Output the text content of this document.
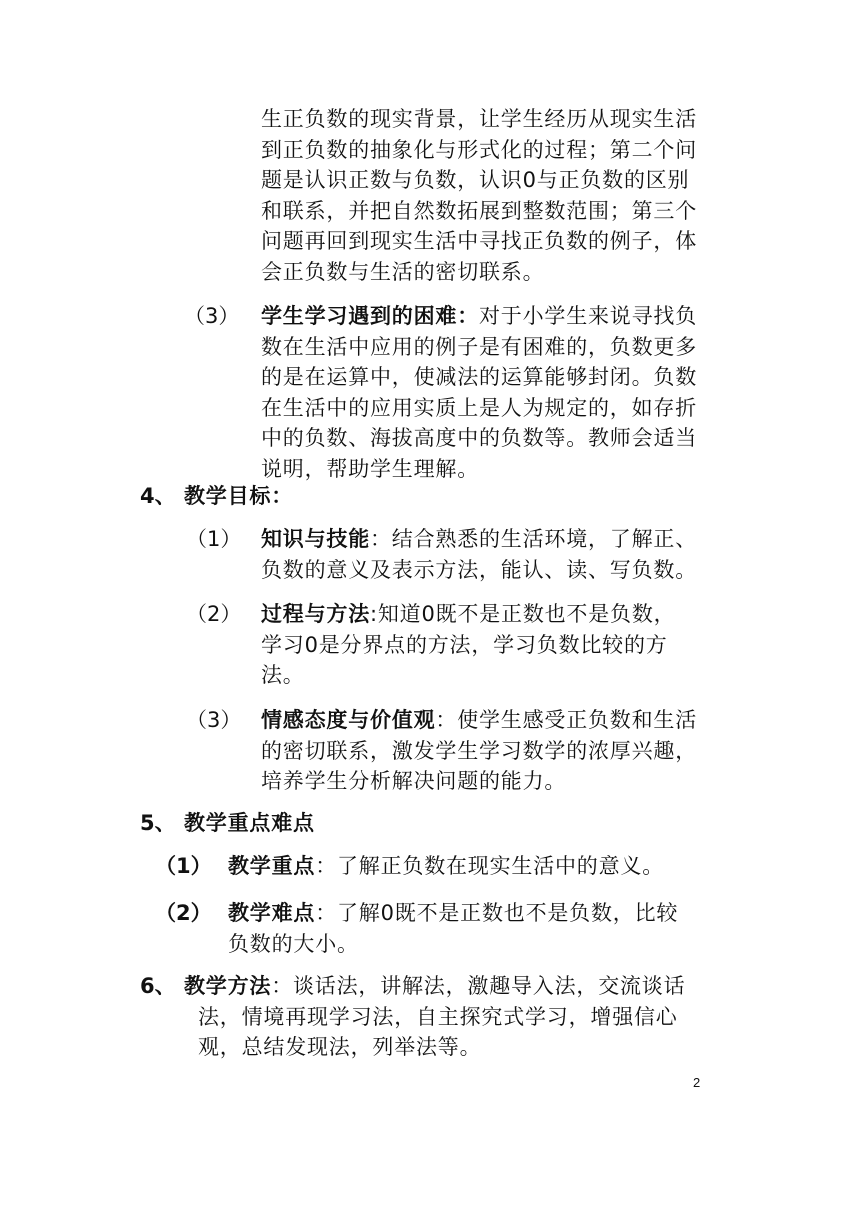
生正负数的现实背景，让学生经历从现实生活
到正负数的抽象化与形式化的过程；第二个问
题是认识正数与负数，认识0与正负数的区别
和联系，并把自然数拓展到整数范围；第三个
问题再回到现实生活中寻找正负数的例子，体
会正负数与生活的密切联系。
（3） 学生学习遇到的困难：对于小学生来说寻找负
数在生活中应用的例子是有困难的，负数更多
的是在运算中，使减法的运算能够封闭。负数
在生活中的应用实质上是人为规定的，如存折
中的负数、海拔高度中的负数等。教师会适当
说明，帮助学生理解。
4、 教学目标：
（1） 知识与技能：结合熟悉的生活环境，了解正、
负数的意义及表示方法，能认、读、写负数。
（2） 过程与方法:知道0既不是正数也不是负数，
学习0是分界点的方法，学习负数比较的方
法。
（3） 情感态度与价值观：使学生感受正负数和生活
的密切联系，激发学生学习数学的浓厚兴趣，
培养学生分析解决问题的能力。
5、 教学重点难点
（1） 教学重点：了解正负数在现实生活中的意义。
（2） 教学难点：了解0既不是正数也不是负数，比较
负数的大小。
6、 教学方法：谈话法，讲解法，激趣导入法，交流谈话
法，情境再现学习法，自主探究式学习，增强信心
观，总结发现法，列举法等。
2
